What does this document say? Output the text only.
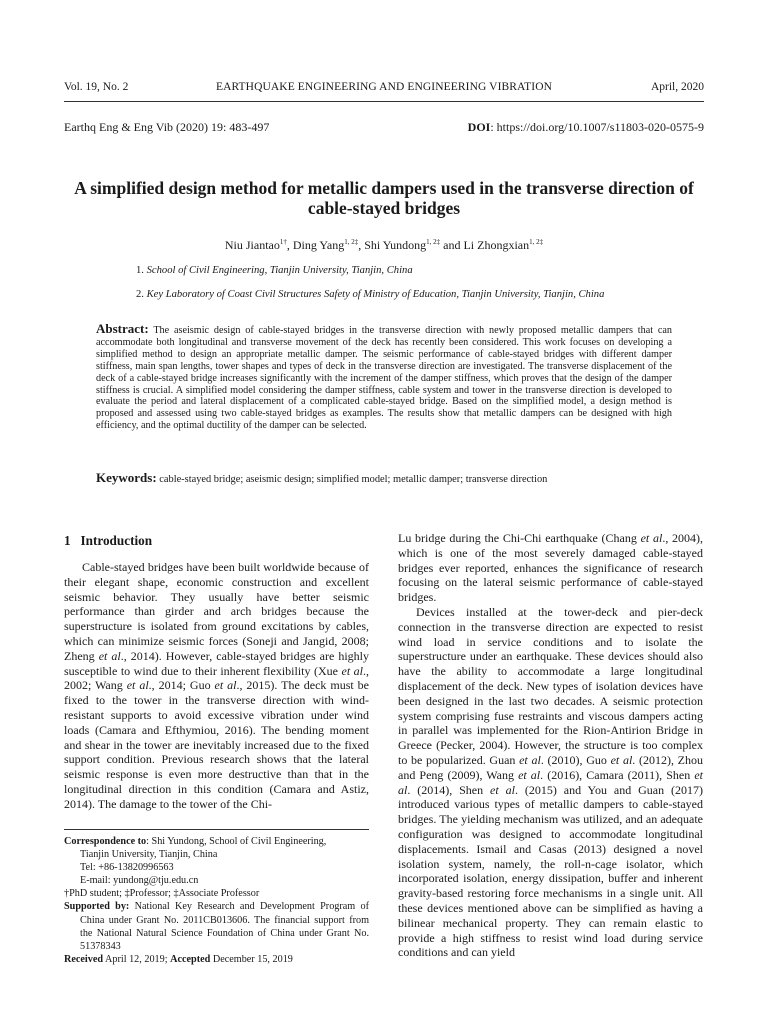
Vol. 19, No. 2	EARTHQUAKE ENGINEERING AND ENGINEERING VIBRATION	April, 2020
Earthq Eng & Eng Vib (2020) 19: 483-497	DOI: https://doi.org/10.1007/s11803-020-0575-9
A simplified design method for metallic dampers used in the transverse direction of cable-stayed bridges
Niu Jiantao$^{1\dagger}$, Ding Yang$^{1, 2\ddagger}$, Shi Yundong$^{1, 2\ddagger}$ and Li Zhongxian$^{1, 2\ddagger}$
1. School of Civil Engineering, Tianjin University, Tianjin, China
2. Key Laboratory of Coast Civil Structures Safety of Ministry of Education, Tianjin University, Tianjin, China
Abstract: The aseismic design of cable-stayed bridges in the transverse direction with newly proposed metallic dampers that can accommodate both longitudinal and transverse movement of the deck has recently been considered. This work focuses on developing a simplified method to design an appropriate metallic damper. The seismic performance of cable-stayed bridges with different damper stiffness, main span lengths, tower shapes and types of deck in the transverse direction are investigated. The transverse displacement of the deck of a cable-stayed bridge increases significantly with the increment of the damper stiffness, which proves that the design of the damper stiffness is crucial. A simplified model considering the damper stiffness, cable system and tower in the transverse direction is developed to evaluate the period and lateral displacement of a complicated cable-stayed bridge. Based on the simplified model, a design method is proposed and assessed using two cable-stayed bridges as examples. The results show that metallic dampers can be designed with high efficiency, and the optimal ductility of the damper can be selected.
Keywords: cable-stayed bridge; aseismic design; simplified model; metallic damper; transverse direction
1 Introduction

Cable-stayed bridges have been built worldwide because of their elegant shape, economic construction and excellent seismic behavior. They usually have better seismic performance than girder and arch bridges because the superstructure is isolated from ground excitations by cables, which can minimize seismic forces (Soneji and Jangid, 2008; Zheng et al., 2014). However, cable-stayed bridges are highly susceptible to wind due to their inherent flexibility (Xue et al., 2002; Wang et al., 2014; Guo et al., 2015). The deck must be fixed to the tower in the transverse direction with wind-resistant supports to avoid excessive vibration under wind loads (Camara and Efthymiou, 2016). The bending moment and shear in the tower are inevitably increased due to the fixed support condition. Previous research shows that the lateral seismic response is even more destructive than that in the longitudinal direction in this condition (Camara and Astiz, 2014). The damage to the tower of the Chi-

Correspondence to: Shi Yundong, School of Civil Engineering,
Tianjin University, Tianjin, China
Tel: +86-13820996563
E-mail: yundong@tju.edu.cn
†PhD student; ‡Professor; ‡Associate Professor
Supported by: National Key Research and Development Program of China under Grant No. 2011CB013606. The financial support from the National Natural Science Foundation of China under Grant No. 51378343
Received April 12, 2019; Accepted December 15, 2019

Lu bridge during the Chi-Chi earthquake (Chang et al., 2004), which is one of the most severely damaged cable-stayed bridges ever reported, enhances the significance of research focusing on the lateral seismic performance of cable-stayed bridges.

Devices installed at the tower-deck and pier-deck connection in the transverse direction are expected to resist wind load in service conditions and to isolate the superstructure under an earthquake. These devices should also have the ability to accommodate a large longitudinal displacement of the deck. New types of isolation devices have been designed in the last two decades. A seismic protection system comprising fuse restraints and viscous dampers acting in parallel was implemented for the Rion-Antirion Bridge in Greece (Pecker, 2004). However, the structure is too complex to be popularized. Guan et al. (2010), Guo et al. (2012), Zhou and Peng (2009), Wang et al. (2016), Camara (2011), Shen et al. (2014), Shen et al. (2015) and You and Guan (2017) introduced various types of metallic dampers to cable-stayed bridges. The yielding mechanism was utilized, and an adequate configuration was designed to accommodate longitudinal displacements. Ismail and Casas (2013) designed a novel isolation system, namely, the roll-n-cage isolator, which incorporated isolation, energy dissipation, buffer and inherent gravity-based restoring force mechanisms in a single unit. All these devices mentioned above can be simplified as having a bilinear mechanical property. They can remain elastic to provide a high stiffness to resist wind load during service conditions and can yield
